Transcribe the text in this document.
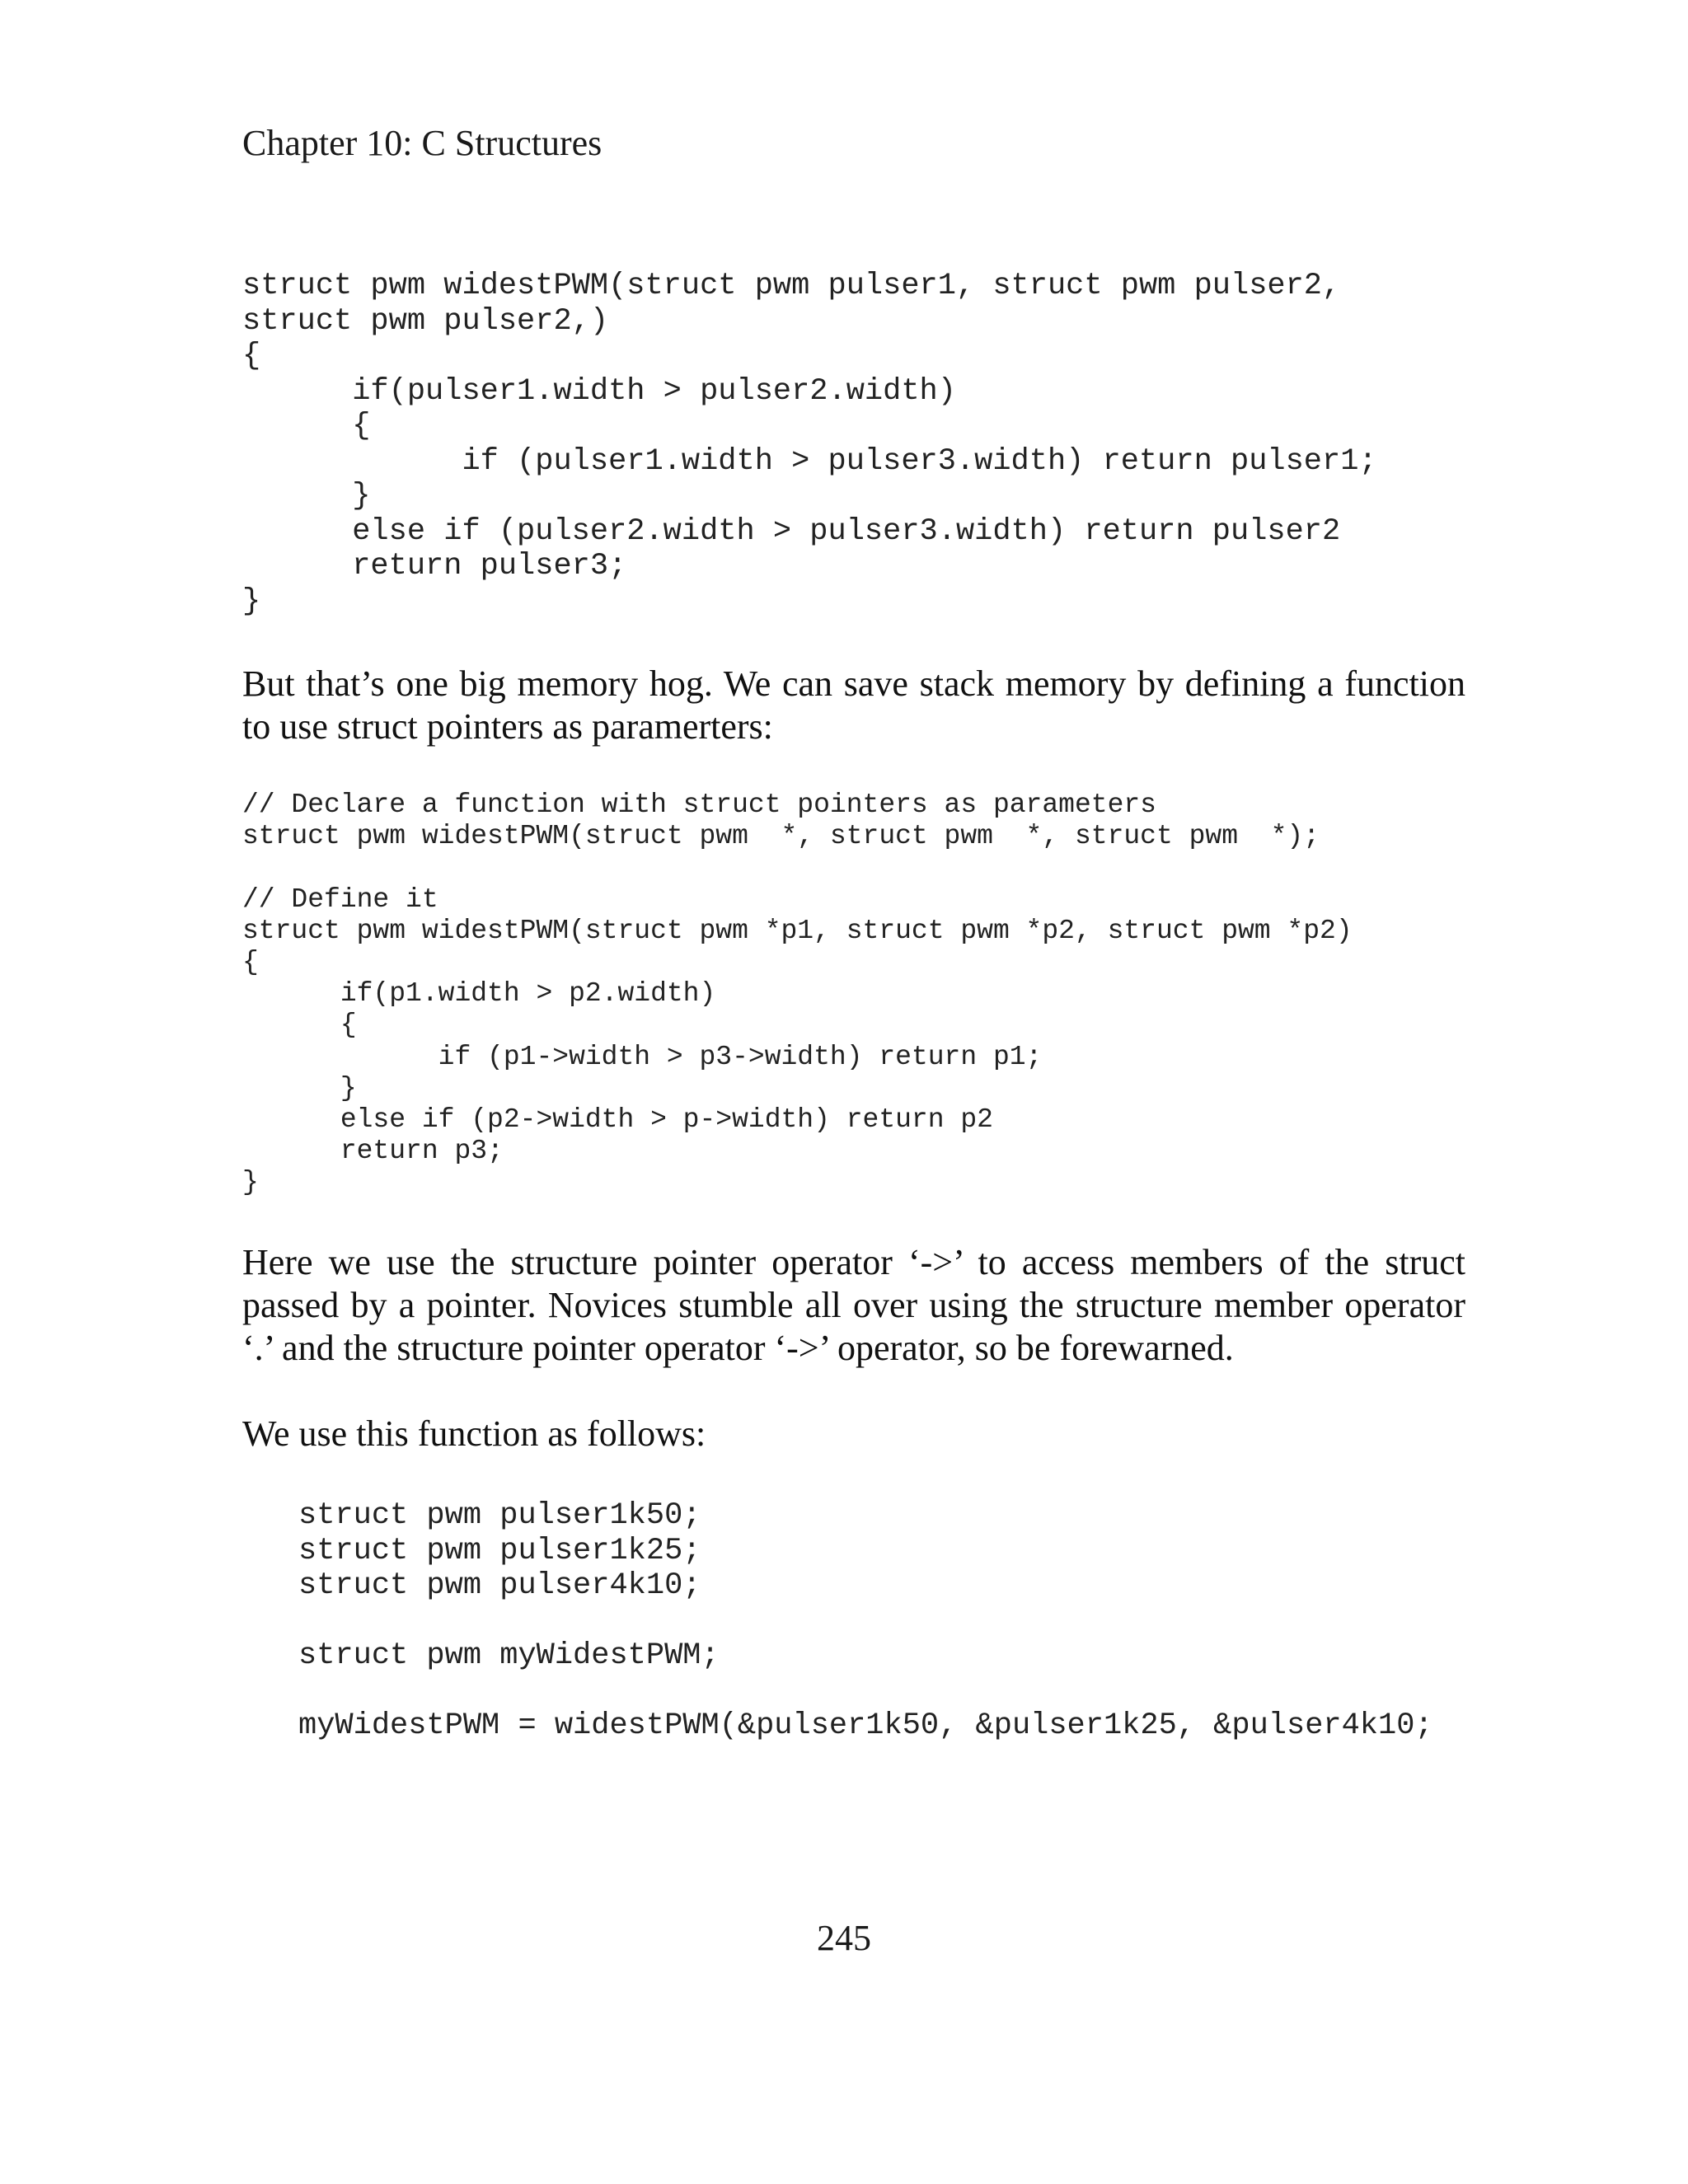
Chapter 10: C Structures
struct pwm widestPWM(struct pwm pulser1, struct pwm pulser2,
struct pwm pulser2,)
{
if(pulser1.width > pulser2.width)
{
if (pulser1.width > pulser3.width) return pulser1;
}
else if (pulser2.width > pulser3.width) return pulser2
return pulser3;
}

But that’s one big memory hog. We can save stack memory by defining a function to use struct pointers as paramerters:

// Declare a function with struct pointers as parameters
struct pwm widestPWM(struct pwm  *, struct pwm  *, struct pwm  *);
// Define it
struct pwm widestPWM(struct pwm *p1, struct pwm *p2, struct pwm *p2)
{
if(p1.width > p2.width)
{
if (p1->width > p3->width) return p1;
}
else if (p2->width > p->width) return p2
return p3;
}

Here we use the structure pointer operator ‘->’ to access members of the struct passed by a pointer. Novices stumble all over using the structure member operator ‘.’ and the structure pointer operator ‘->’ operator, so be forewarned.

We use this function as follows:

struct pwm pulser1k50;
struct pwm pulser1k25;
struct pwm pulser4k10;
struct pwm myWidestPWM;
myWidestPWM = widestPWM(&pulser1k50, &pulser1k25, &pulser4k10;
245
